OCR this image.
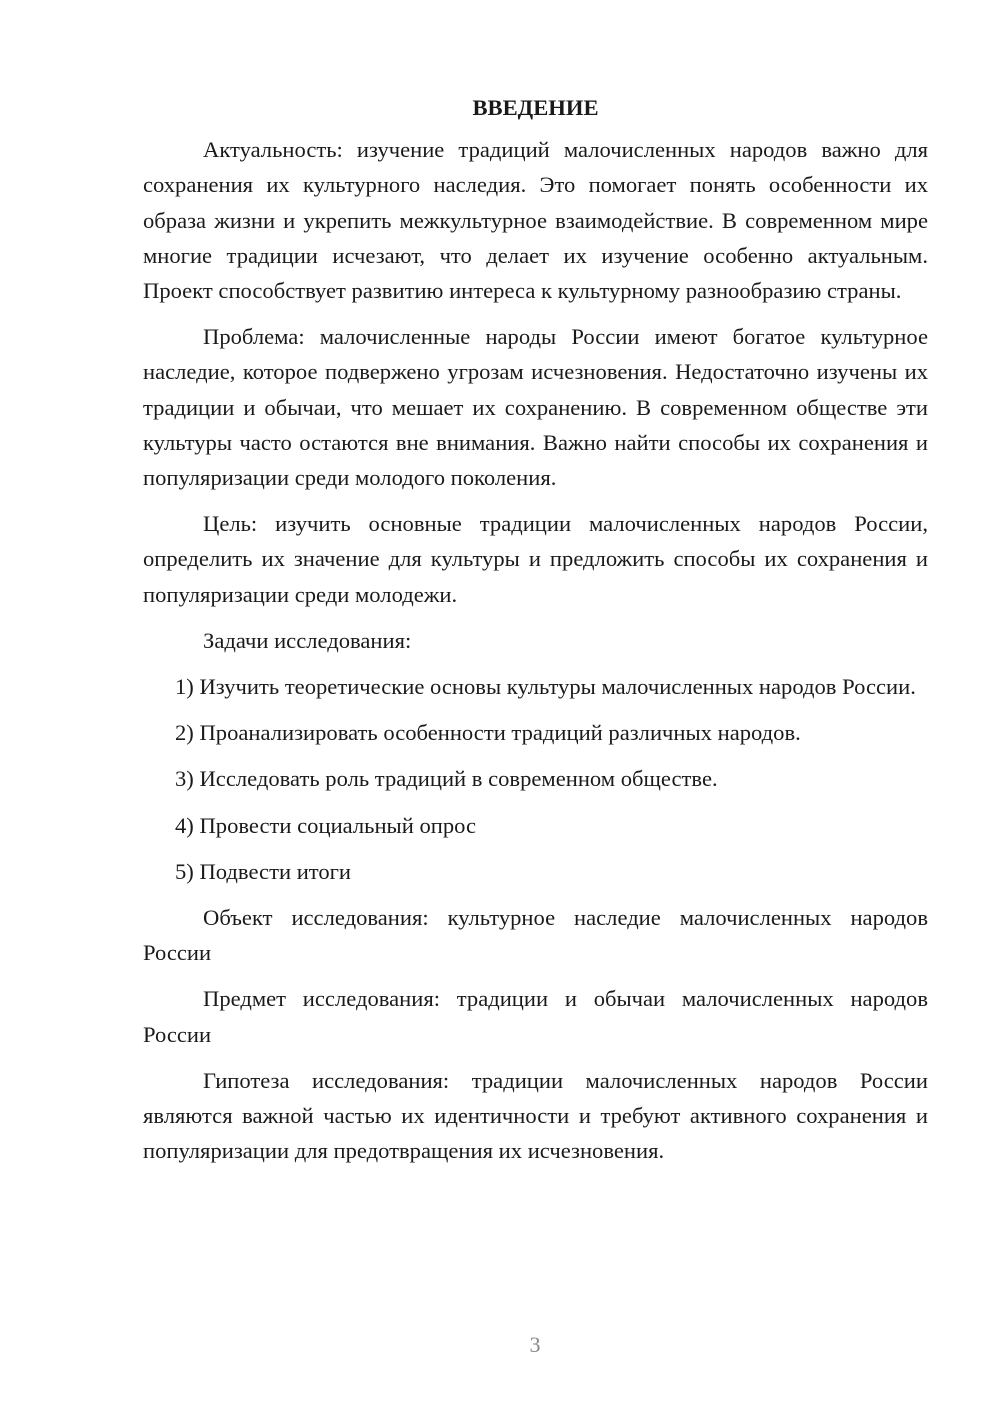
ВВЕДЕНИЕ

Актуальность: изучение традиций малочисленных народов важно для сохранения их культурного наследия. Это помогает понять особенности их образа жизни и укрепить межкультурное взаимодействие. В современном мире многие традиции исчезают, что делает их изучение особенно актуальным. Проект способствует развитию интереса к культурному разнообразию страны.

Проблема: малочисленные народы России имеют богатое культурное наследие, которое подвержено угрозам исчезновения. Недостаточно изучены их традиции и обычаи, что мешает их сохранению. В современном обществе эти культуры часто остаются вне внимания. Важно найти способы их сохранения и популяризации среди молодого поколения.

Цель: изучить основные традиции малочисленных народов России, определить их значение для культуры и предложить способы их сохранения и популяризации среди молодежи.

Задачи исследования:

1) Изучить теоретические основы культуры малочисленных народов России.

2) Проанализировать особенности традиций различных народов.

3) Исследовать роль традиций в современном обществе.

4) Провести социальный опрос

5) Подвести итоги

Объект исследования: культурное наследие малочисленных народов России

Предмет исследования: традиции и обычаи малочисленных народов России

Гипотеза исследования: традиции малочисленных народов России являются важной частью их идентичности и требуют активного сохранения и популяризации для предотвращения их исчезновения.

3
